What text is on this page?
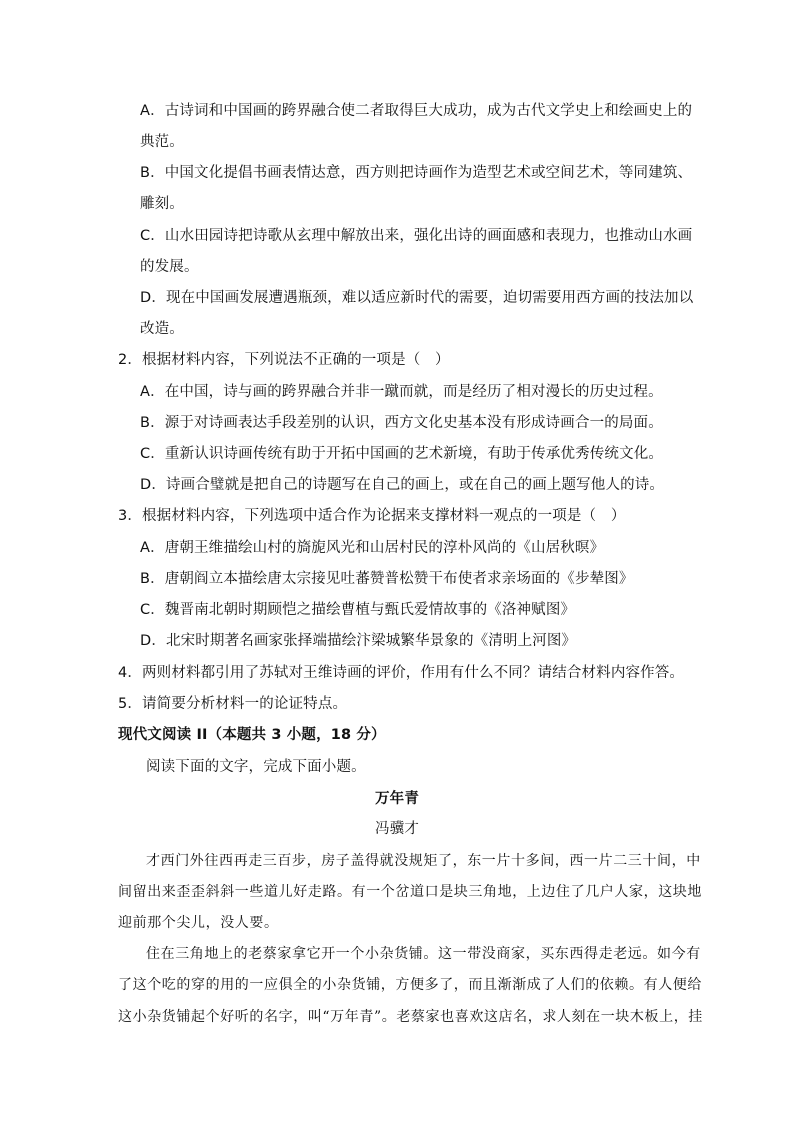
A．古诗词和中国画的跨界融合使二者取得巨大成功，成为古代文学史上和绘画史上的
典范。
B．中国文化提倡书画表情达意，西方则把诗画作为造型艺术或空间艺术，等同建筑、
雕刻。
C．山水田园诗把诗歌从玄理中解放出来，强化出诗的画面感和表现力，也推动山水画
的发展。
D．现在中国画发展遭遇瓶颈，难以适应新时代的需要，迫切需要用西方画的技法加以
改造。
2．根据材料内容，下列说法不正确的一项是（　）
A．在中国，诗与画的跨界融合并非一蹴而就，而是经历了相对漫长的历史过程。
B．源于对诗画表达手段差别的认识，西方文化史基本没有形成诗画合一的局面。
C．重新认识诗画传统有助于开拓中国画的艺术新境，有助于传承优秀传统文化。
D．诗画合璧就是把自己的诗题写在自己的画上，或在自己的画上题写他人的诗。
3．根据材料内容，下列选项中适合作为论据来支撑材料一观点的一项是（　）
A．唐朝王维描绘山村的旖旎风光和山居村民的淳朴风尚的《山居秋暝》
B．唐朝阎立本描绘唐太宗接见吐蕃赞普松赞干布使者求亲场面的《步辇图》
C．魏晋南北朝时期顾恺之描绘曹植与甄氏爱情故事的《洛神赋图》
D．北宋时期著名画家张择端描绘汴梁城繁华景象的《清明上河图》
4．两则材料都引用了苏轼对王维诗画的评价，作用有什么不同？请结合材料内容作答。
5．请简要分析材料一的论证特点。
现代文阅读 II（本题共 3 小题，18 分）
阅读下面的文字，完成下面小题。
万年青
冯骥才
才西门外往西再走三百步，房子盖得就没规矩了，东一片十多间，西一片二三十间，中
间留出来歪歪斜斜一些道儿好走路。有一个岔道口是块三角地，上边住了几户人家，这块地
迎前那个尖儿，没人要。
住在三角地上的老蔡家拿它开一个小杂货铺。这一带没商家，买东西得走老远。如今有
了这个吃的穿的用的一应俱全的小杂货铺，方便多了，而且渐渐成了人们的依赖。有人便给
这小杂货铺起个好听的名字，叫“万年青”。老蔡家也喜欢这店名，求人刻在一块木板上，挂
